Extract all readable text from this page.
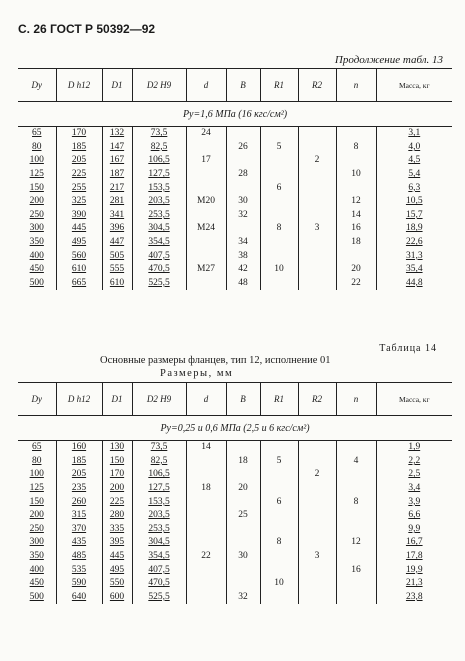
С. 26 ГОСТ Р 50392—92
Продолжение табл. 13
Dy	D h12	D1	D2 H9	d	B	R1	R2	n	Масса, кг
Pу=1,6 МПа (16 кгс/см²)									
65	170	132	73,5	24					3,1
80	185	147	82,5		26	5		8	4,0
100	205	167	106,5	17			2		4,5
125	225	187	127,5		28			10	5,4
150	255	217	153,5			6			6,3
200	325	281	203,5	М20	30			12	10,5
250	390	341	253,5		32			14	15,7
300	445	396	304,5	М24		8	3	16	18,9
350	495	447	354,5		34			18	22,6
400	560	505	407,5		38				31,3
450	610	555	470,5	М27	42	10		20	35,4
500	665	610	525,5		48			22	44,8
Таблица 14
Основные размеры фланцев, тип 12, исполнение 01
Размеры, мм
Dy	D h12	D1	D2 H9	d	B	R1	R2	n	Масса, кг
Pу=0,25 и 0,6 МПа (2,5 и 6 кгс/см²)									
65	160	130	73,5	14					1,9
80	185	150	82,5		18	5		4	2,2
100	205	170	106,5				2		2,5
125	235	200	127,5	18	20				3,4
150	260	225	153,5			6		8	3,9
200	315	280	203,5		25				6,6
250	370	335	253,5						9,9
300	435	395	304,5			8		12	16,7
350	485	445	354,5	22	30		3		17,8
400	535	495	407,5					16	19,9
450	590	550	470,5			10			21,3
500	640	600	525,5		32				23,8
